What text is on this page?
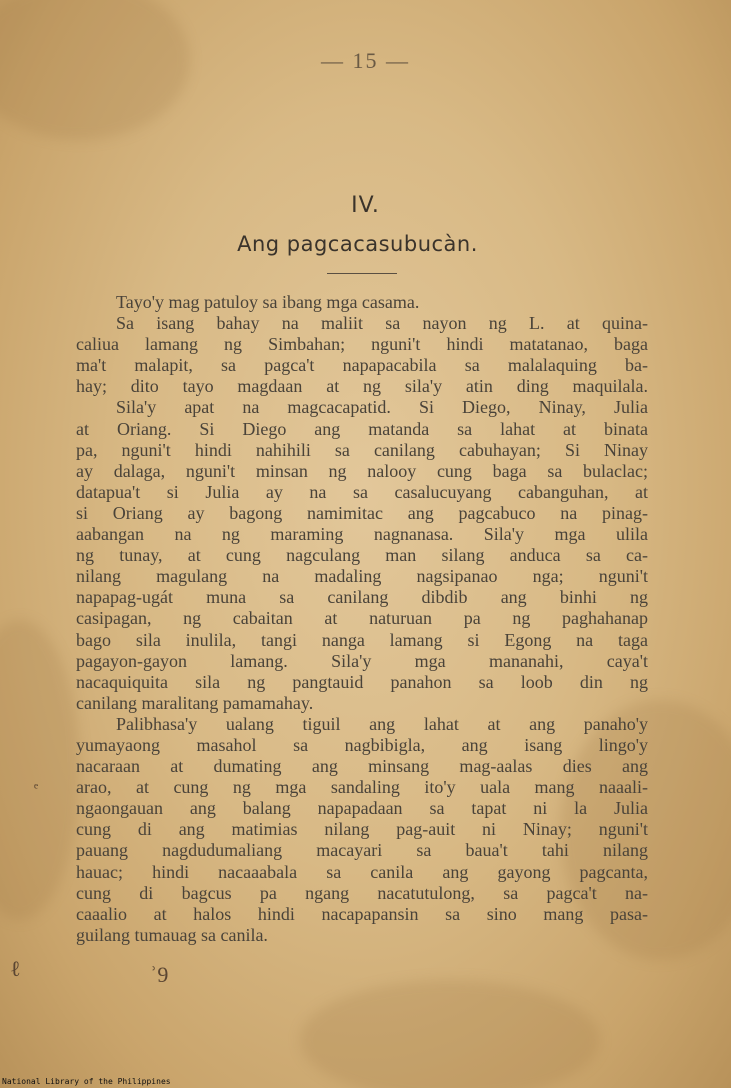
— 15 —
IV.
Ang pagcacasubucàn.
Tayo'y mag patuloy sa ibang mga casama.
Sa isang bahay na maliit sa nayon ng L. at quina-
caliua lamang ng Simbahan; nguni't hindi matatanao, baga
ma't malapit, sa pagca't napapacabila sa malalaquing ba-
hay; dito tayo magdaan at ng sila'y atin ding maquilala.
Sila'y apat na magcacapatid. Si Diego, Ninay, Julia
at Oriang. Si Diego ang matanda sa lahat at binata
pa, nguni't hindi nahihili sa canilang cabuhayan; Si Ninay
ay dalaga, nguni't minsan ng nalooy cung baga sa bulaclac;
datapua't si Julia ay na sa casalucuyang cabanguhan, at
si Oriang ay bagong namimitac ang pagcabuco na pinag-
aabangan na ng maraming nagnanasa. Sila'y mga ulila
ng tunay, at cung nagculang man silang anduca sa ca-
nilang magulang na madaling nagsipanao nga; nguni't
napapag-ugát muna sa canilang dibdib ang binhi ng
casipagan, ng cabaitan at naturuan pa ng paghahanap
bago sila inulila, tangi nanga lamang si Egong na taga
pagayon-gayon lamang. Sila'y mga mananahi, caya't
nacaquiquita sila ng pangtauid panahon sa loob din ng
canilang maralitang pamamahay.
Palibhasa'y ualang tiguil ang lahat at ang panaho'y
yumayaong masahol sa nagbibigla, ang isang lingo'y
nacaraan at dumating ang minsang mag-aalas dies ang
arao, at cung ng mga sandaling ito'y uala mang naaali-
ngaongauan ang balang napapadaan sa tapat ni la Julia
cung di ang matimias nilang pag-auit ni Ninay; nguni't
pauang nagdudumaliang macayari sa baua't tahi nilang
hauac; hindi nacaaabala sa canila ang gayong pagcanta,
cung di bagcus pa ngang nacatutulong, sa pagca't na-
caaalio at halos hindi nacapapansin sa sino mang pasa-
guilang tumauag sa canila.
ʾ9
ℓ
ᵉ
National Library of the Philippines
